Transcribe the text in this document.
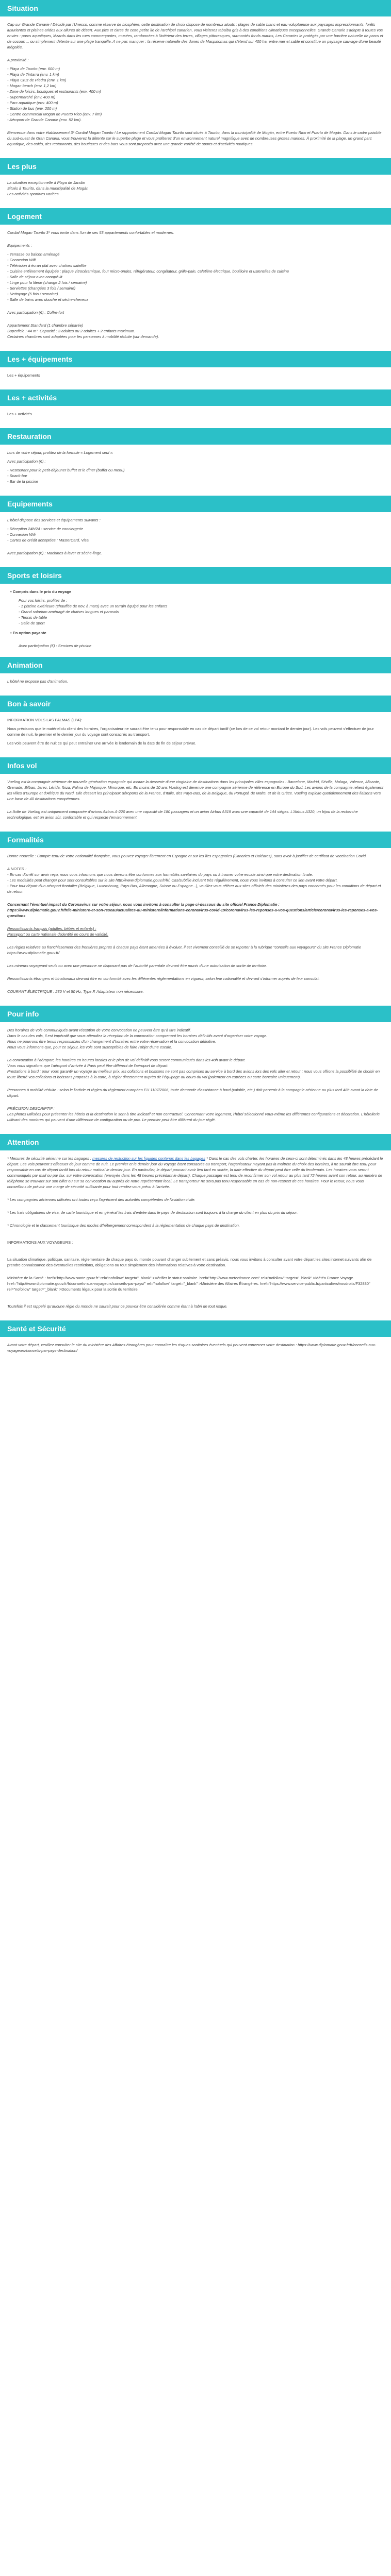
Situation

Cap sur Grande Canarie ! Décidé par l'Unesco, comme réserve de biosphère, cette destination de choix dispose de nombreux atouts : plages de sable blanc et eau voluptueuse aux paysages impressionnants, forêts luxuriantes et plaines arides aux allures de désert. Aux pics et cirres de cette petite île de l'archipel canarien, vous visiterez tabaiba gris à des conditions climatiques exceptionnelles. Grande Canarie s'adapte à toutes vos envies : parcs aquatiques, lézards dans les rues commerçantes, musées, randonnées à l'intérieur des terres, villages pittoresques, surmontés fonds marins, Les Canaries le protégés par une barrière naturelle de parcs et de cocous ... ou simplement détente sur une plage tranquille. A ne pas manquer : la réserve naturelle des dunes de Maspalomas qui s'étend sur 400 ha, entre mer et sable et constitue un paysage sauvage d'une beauté inégalée.

A proximité :

- Playa de Taurito (env. 600 m)
- Playa de Tintarra (env. 1 km)
- Playa Cruz de Piedra (env. 1 km)
- Mogan beach (env. 1,2 km)
- Zone de loisirs, boutiques et restaurants (env. 400 m)
- Supermarché (env. 400 m)
- Parc aquatique (env. 400 m)
- Station de bus (env. 200 m)
- Centre commercial Mogan de Puerto Rico (env. 7 km)
- Aéroport de Grande Canarie (env. 52 km).

Bienvenue dans votre établissement 3* Cordial Mogan Taurito ! Le rapportement Cordial Mogan Taurito sont situés à Taurito, dans la municipalité de Mogán, entre Puerto Rico et Puerto de Mogán. Dans le cadre paisible du sud-ouest de Gran Canaria, vous trouverez la détente sur le superbe plage et vous profiterez d'un environnement naturel magnifique avec de nombreuses grottes marines. À proximité de la plage, un grand parc aquatique, des cafés, des restaurants, des boutiques et des bars vous sont proposés avec une grande variété de sports et d'activités nautiques.

Les plus

La situation exceptionnelle à Playa de Jandia
Situés à Taurito, dans la municipalité de Mogán
Les activités sportives variées

Logement

Cordial Mogan Taurito 3* vous invite dans l'un de ses 53 appartements confortables et modernes.

Equipements :

- Terrasse ou balcon aménagé
- Connexion Wifi
- Télévision à écran plat avec chaînes satellite
- Cuisine entièrement équipée : plaque vitrocéramique, four micro-ondes, réfrigérateur, congélateur, grille-pain, cafetière électrique, bouilloire et ustensiles de cuisine
- Salle de séjour avec canapé-lit
- Linge pour la literie (change 2 fois / semaine)
- Serviettes (changées 3 fois / semaine)
- Nettoyage (5 fois / semaine)
- Salle de bains avec douche et sèche-cheveux

Avec participation (€) : Coffre-fort

Appartement Standard (1 chambre séparée)
Superficie : 44 m². Capacité : 3 adultes ou 2 adultes + 2 enfants maximum.
Certaines chambres sont adaptées pour les personnes à mobilité réduite (sur demande).

Les + équipements

Les + équipements

Les + activités

Les + activités

Restauration

Lors de votre séjour, profitez de la formule « Logement seul ».

Avec participation (€) :

- Restaurant pour le petit-déjeuner buffet et le dîner (buffet ou menu)
- Snack-bar
- Bar de la piscine
Equipements

L'hôtel dispose des services et équipements suivants :

- Réception 24h/24 - service de conciergerie
- Connexion Wifi
- Cartes de crédit acceptées : MasterCard, Visa.

Avec participation (€) : Machines à laver et sèche-linge.

Sports et loisirs

• Compris dans le prix du voyage

Pour vos loisirs, profitez de :
- 1 piscine extérieure (chauffée de nov. à mars) avec un terrain équipé pour les enfants
- Grand solarium aménagé de chaises longues et parasols
- Tennis de table
- Salle de sport

• En option payante

Avec participation (€) : Services de piscine
Animation

L'hôtel ne propose pas d'animation.

Bon à savoir

INFORMATION VOLS LAS PALMAS (LPA):

Nous précisons que le matériel du client des horaires, l'organisateur ne saurait être tenu pour responsable en cas de départ tardif (ce lors de ce vol retour montant le dernier jour). Les vols peuvent s'effectuer de jour comme de nuit, le premier et le dernier jour du voyage sont consacrés au transport.

Les vols peuvent être de nuit ce qui peut entraîner une arrivée le lendemain de la date de fin de séjour prévue.

Infos vol

Vueling est la compagnie aérienne de nouvelle génération espagnole qui assure la desserte d'une vingtaine de destinations dans les principales villes espagnoles : Barcelone, Madrid, Séville, Malaga, Valence, Alicante, Grenade, Bilbao, Jerez, Lérida, Ibiza, Palma de Majorque, Minorque, etc. En moins de 10 ans Vueling est devenue une compagnie aérienne de référence en Europe du Sud. Les avions de la compagnie relient également les villes d'Europe et d'Afrique du Nord. Elle dessert les principaux aéroports de la France, d'Italie, des Pays-Bas, de la Belgique, du Portugal, de Malte, et de la Grèce. Vueling exploite quotidiennement des liaisons vers une base de 40 destinations européennes.

La flotte de Vueling est uniquement composée d'avions Airbus A-220 avec une capacité de 180 passagers et un avion Airbus A319 avec une capacité de 144 sièges. L'Airbus A320, un bijou de la recherche technologique, est un avion sûr, confortable et qui respecte l'environnement.

Formalités

Bonne nouvelle : Compte tenu de votre nationalité française, vous pouvez voyager librement en Espagne et sur les îles espagnoles (Canaries et Baléares), sans avoir à justifier de certificat de vaccination Covid.

A NOTER :
- En cas d'arrêt sur avoir reçu, nous vous informons que nous devrons être conformes aux formalités sanitaires du pays ou à trouver votre escale ainsi que votre destination finale.
- Les modalités peut changer pour sont consultables sur le site http://www.diplomatie.gouv.fr/fr/. Cas/subtilie incluant très régulièrement, nous vous invitons à consulter ce lien avant votre départ.
- Pour tout départ d'un aéroport frontalier (Belgique, Luxembourg, Pays-Bas, Allemagne, Suisse ou Espagne...), veuillez vous référer aux sites officiels des ministères des pays concernés pour les conditions de départ et de retour.

Concernant l'éventuel impact du Coronavirus sur votre séjour, nous vous invitons à consulter la page ci-dessous du site officiel France Diplomatie :
https://www.diplomatie.gouv.fr/fr/le-ministere-et-son-reseau/actualites-du-ministere/informations-coronavirus-covid-19/coronavirus-les-reponses-a-vos-questions/article/coronavirus-les-reponses-a-vos-questions

Ressortissants français (adultes, bébés et enfants) :
Passeport ou carte nationale d'identité en cours de validité.

Les règles relatives au franchissement des frontières propres à chaque pays étant amenées à évoluer, il est vivement conseillé de se reporter à la rubrique "conseils aux voyageurs" du site France Diplomatie https://www.diplomatie.gouv.fr/

Les mineurs voyageant seuls ou avec une personne ne disposant pas de l'autorité parentale devront être munis d'une autorisation de sortie de territoire.

Ressortissants étrangers et binationaux devront être en conformité avec les différentes réglementations en vigueur, selon leur nationalité et devront s'informer auprès de leur consulat.

COURANT ÉLECTRIQUE : 230 V et 50 Hz, Type F. Adaptateur non nécessaire.

Pour info

Des horaires de vols communiqués avant réception de votre convocation ne peuvent être qu'à titre indicatif.
Dans le cas des vols, il est impératif que vous attendiez la réception de la convocation comprenant les horaires définitifs avant d'organiser votre voyage.
Nous ne pourrons être tenus responsables d'un changement d'horaires entre votre réservation et la convocation définitive.
Nous vous informons que, pour ce séjour, les vols sont susceptibles de faire l'objet d'une escale.

La convocation à l'aéroport, les horaires en heures locales et le plan de vol définitif vous seront communiqués dans les 48h avant le départ.
Vous vous signalons que l'aéroport d'arrivée à Paris peut être différent de l'aéroport de départ.
Prestations à bord : pour vous garantir un voyage au meilleur prix, les collations et boissons ne sont pas comprises au service à bord des avions lors des vols aller et retour : nous vous offrons la possibilité de choisir en toute liberté vos collations et boissons proposés à la carte, à régler directement auprès de l'équipage au cours du vol (paiement en espèces ou carte bancaire uniquement).

Personnes à mobilité réduite : selon le l'article et règles du règlement européen EU 1107/2006, toute demande d'assistance à bord (valable, etc.) doit parvenir à la compagnie aérienne au plus tard 48h avant la date de départ.

PRÉCISION DESCRIPTIF :
Les photos utilisées pour présenter les hôtels et la destination le sont à titre indicatif et non contractuel. Concernant votre logement, l'hôtel sélectionné vous-même les différentes configurations et décoration. L'hôtellerie utilisant des nombres qui peuvent d'une différence de configuration ou de prix. Le premier peut être différent du jour réglé.

Attention

* Mesures de sécurité aérienne sur les bagages : mesures de restriction sur les liquides contenus dans les bagages * Dans le cas des vols charter, les horaires de ceux-ci sont déterminés dans les 48 heures précédant le départ. Les vols peuvent s'effectuer de jour comme de nuit. Le premier et le dernier jour du voyage étant consacrés au transport, l'organisateur n'ayant pas la maîtrise du choix des horaires, il ne saurait être tenu pour responsable en cas de départ tardif lors du retour matinal le dernier jour. En particulier, le départ pouvant avoir lieu tard en soirée, la date effective du départ peut être celle du lendemain. Les horaires vous seront communiqués par mail ou par fax, sur votre convocation (envoyée dans les 48 heures précédant le départ). Chaque passager est tenu de reconfirmer son vol retour au plus tard 72 heures avant son retour, au numéro de téléphone se trouvant sur son billet ou sur sa convocation ou auprès de notre représentant local. Le transporteur ne sera pas tenu responsable en cas de non-respect de ces horaires. Pour le retour, nous vous conseillons de prévoir une marge de sécurité suffisante pour tout rendez-vous prévu à l'arrivée.

* Les compagnies aériennes utilisées ont toutes reçu l'agrément des autorités compétentes de l'aviation civile.

* Les frais obligatoires de visa, de carte touristique et en général les frais d'entrée dans le pays de destination sont toujours à la charge du client en plus du prix du séjour.

* Chronologie et le classement touristique des modes d'hébergement correspondent à la réglementation de chaque pays de destination.

INFORMATIONS AUX VOYAGEURS :

La situation climatique, politique, sanitaire, réglementaire de chaque pays du monde pouvant changer subitement et sans préavis, nous vous invitons à consulter avant votre départ les sites internet suivants afin de prendre connaissance des éventuelles restrictions, obligations ou tout simplement des informations relatives à votre destination.

Ministère de la Santé : href="http://www.sante.gouv.fr" rel="nofollow" target="_blank" >Vérifier le statut sanitaire. href="http://www.meteofrance.com" rel="nofollow" target="_blank" >Météo France Voyage. href="http://www.diplomatie.gouv.fr/fr/conseils-aux-voyageurs/conseils-par-pays/" rel="nofollow" target="_blank" >Ministère des Affaires Étrangères. href="https://www.service-public.fr/particuliers/vosdroits/F32830" rel="nofollow" target="_blank" >Documents légaux pour la sortie du territoire.

Toutefois il est rappelé qu'aucune règle du monde ne saurait pour ce pouvoir être considérée comme étant à l'abri de tout risque.

Santé et Sécurité

Avant votre départ, veuillez consulter le site du ministère des Affaires étrangères pour connaître les risques sanitaires éventuels qui peuvent concerner votre destination : https://www.diplomatie.gouv.fr/fr/conseils-aux-voyageurs/conseils-par-pays-destination/
